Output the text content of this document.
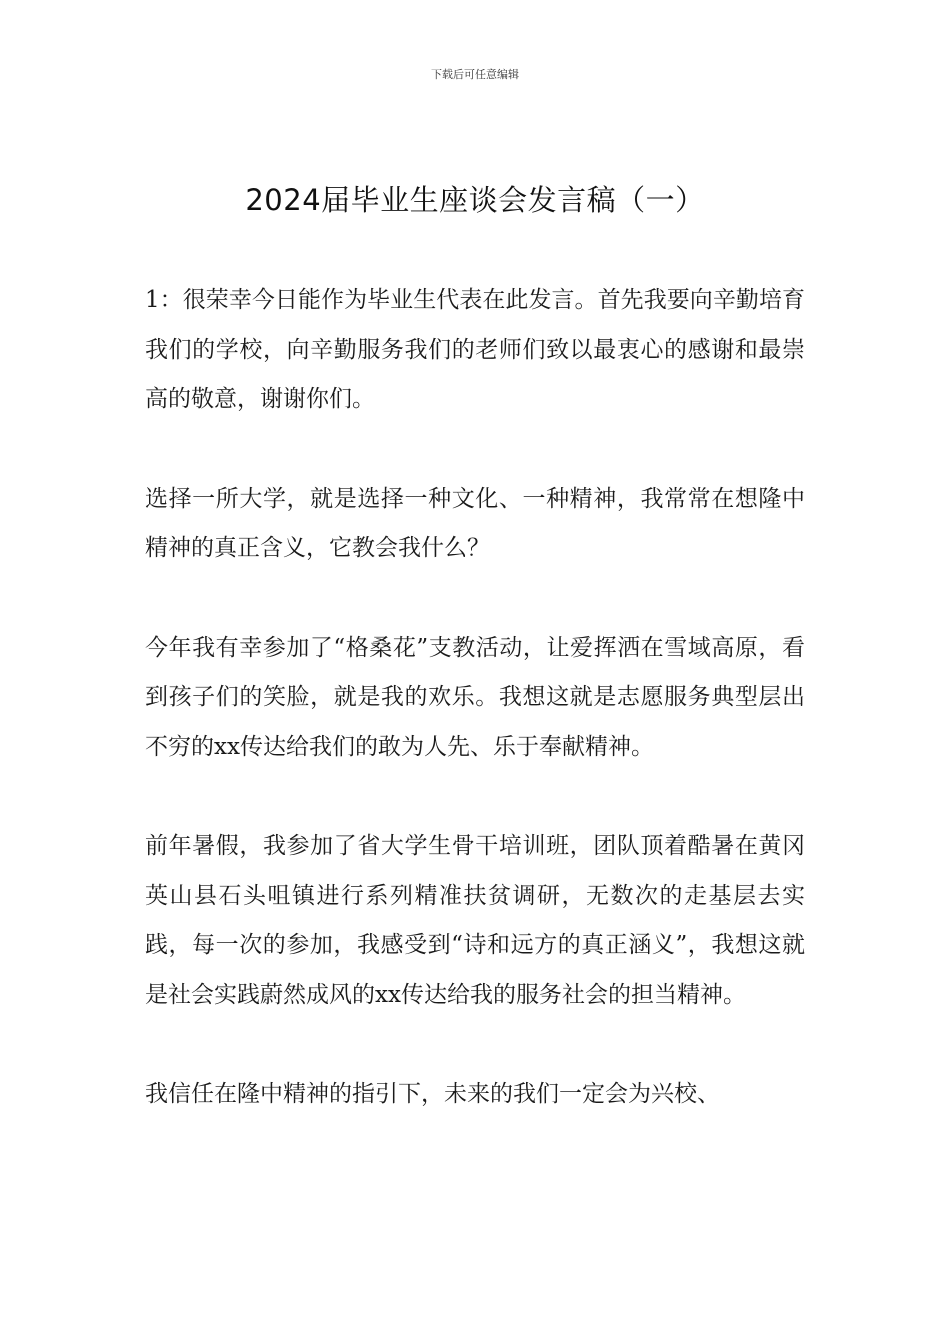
下载后可任意编辑
2024届毕业生座谈会发言稿（一）

1：很荣幸今日能作为毕业生代表在此发言。首先我要向辛勤培育我们的学校，向辛勤服务我们的老师们致以最衷心的感谢和最崇高的敬意，谢谢你们。

选择一所大学，就是选择一种文化、一种精神，我常常在想隆中精神的真正含义，它教会我什么？

今年我有幸参加了“格桑花”支教活动，让爱挥洒在雪域高原，看到孩子们的笑脸，就是我的欢乐。我想这就是志愿服务典型层出不穷的xx传达给我们的敢为人先、乐于奉献精神。

前年暑假，我参加了省大学生骨干培训班，团队顶着酷暑在黄冈英山县石头咀镇进行系列精准扶贫调研，无数次的走基层去实践，每一次的参加，我感受到“诗和远方的真正涵义”，我想这就是社会实践蔚然成风的xx传达给我的服务社会的担当精神。

我信任在隆中精神的指引下，未来的我们一定会为兴校、
